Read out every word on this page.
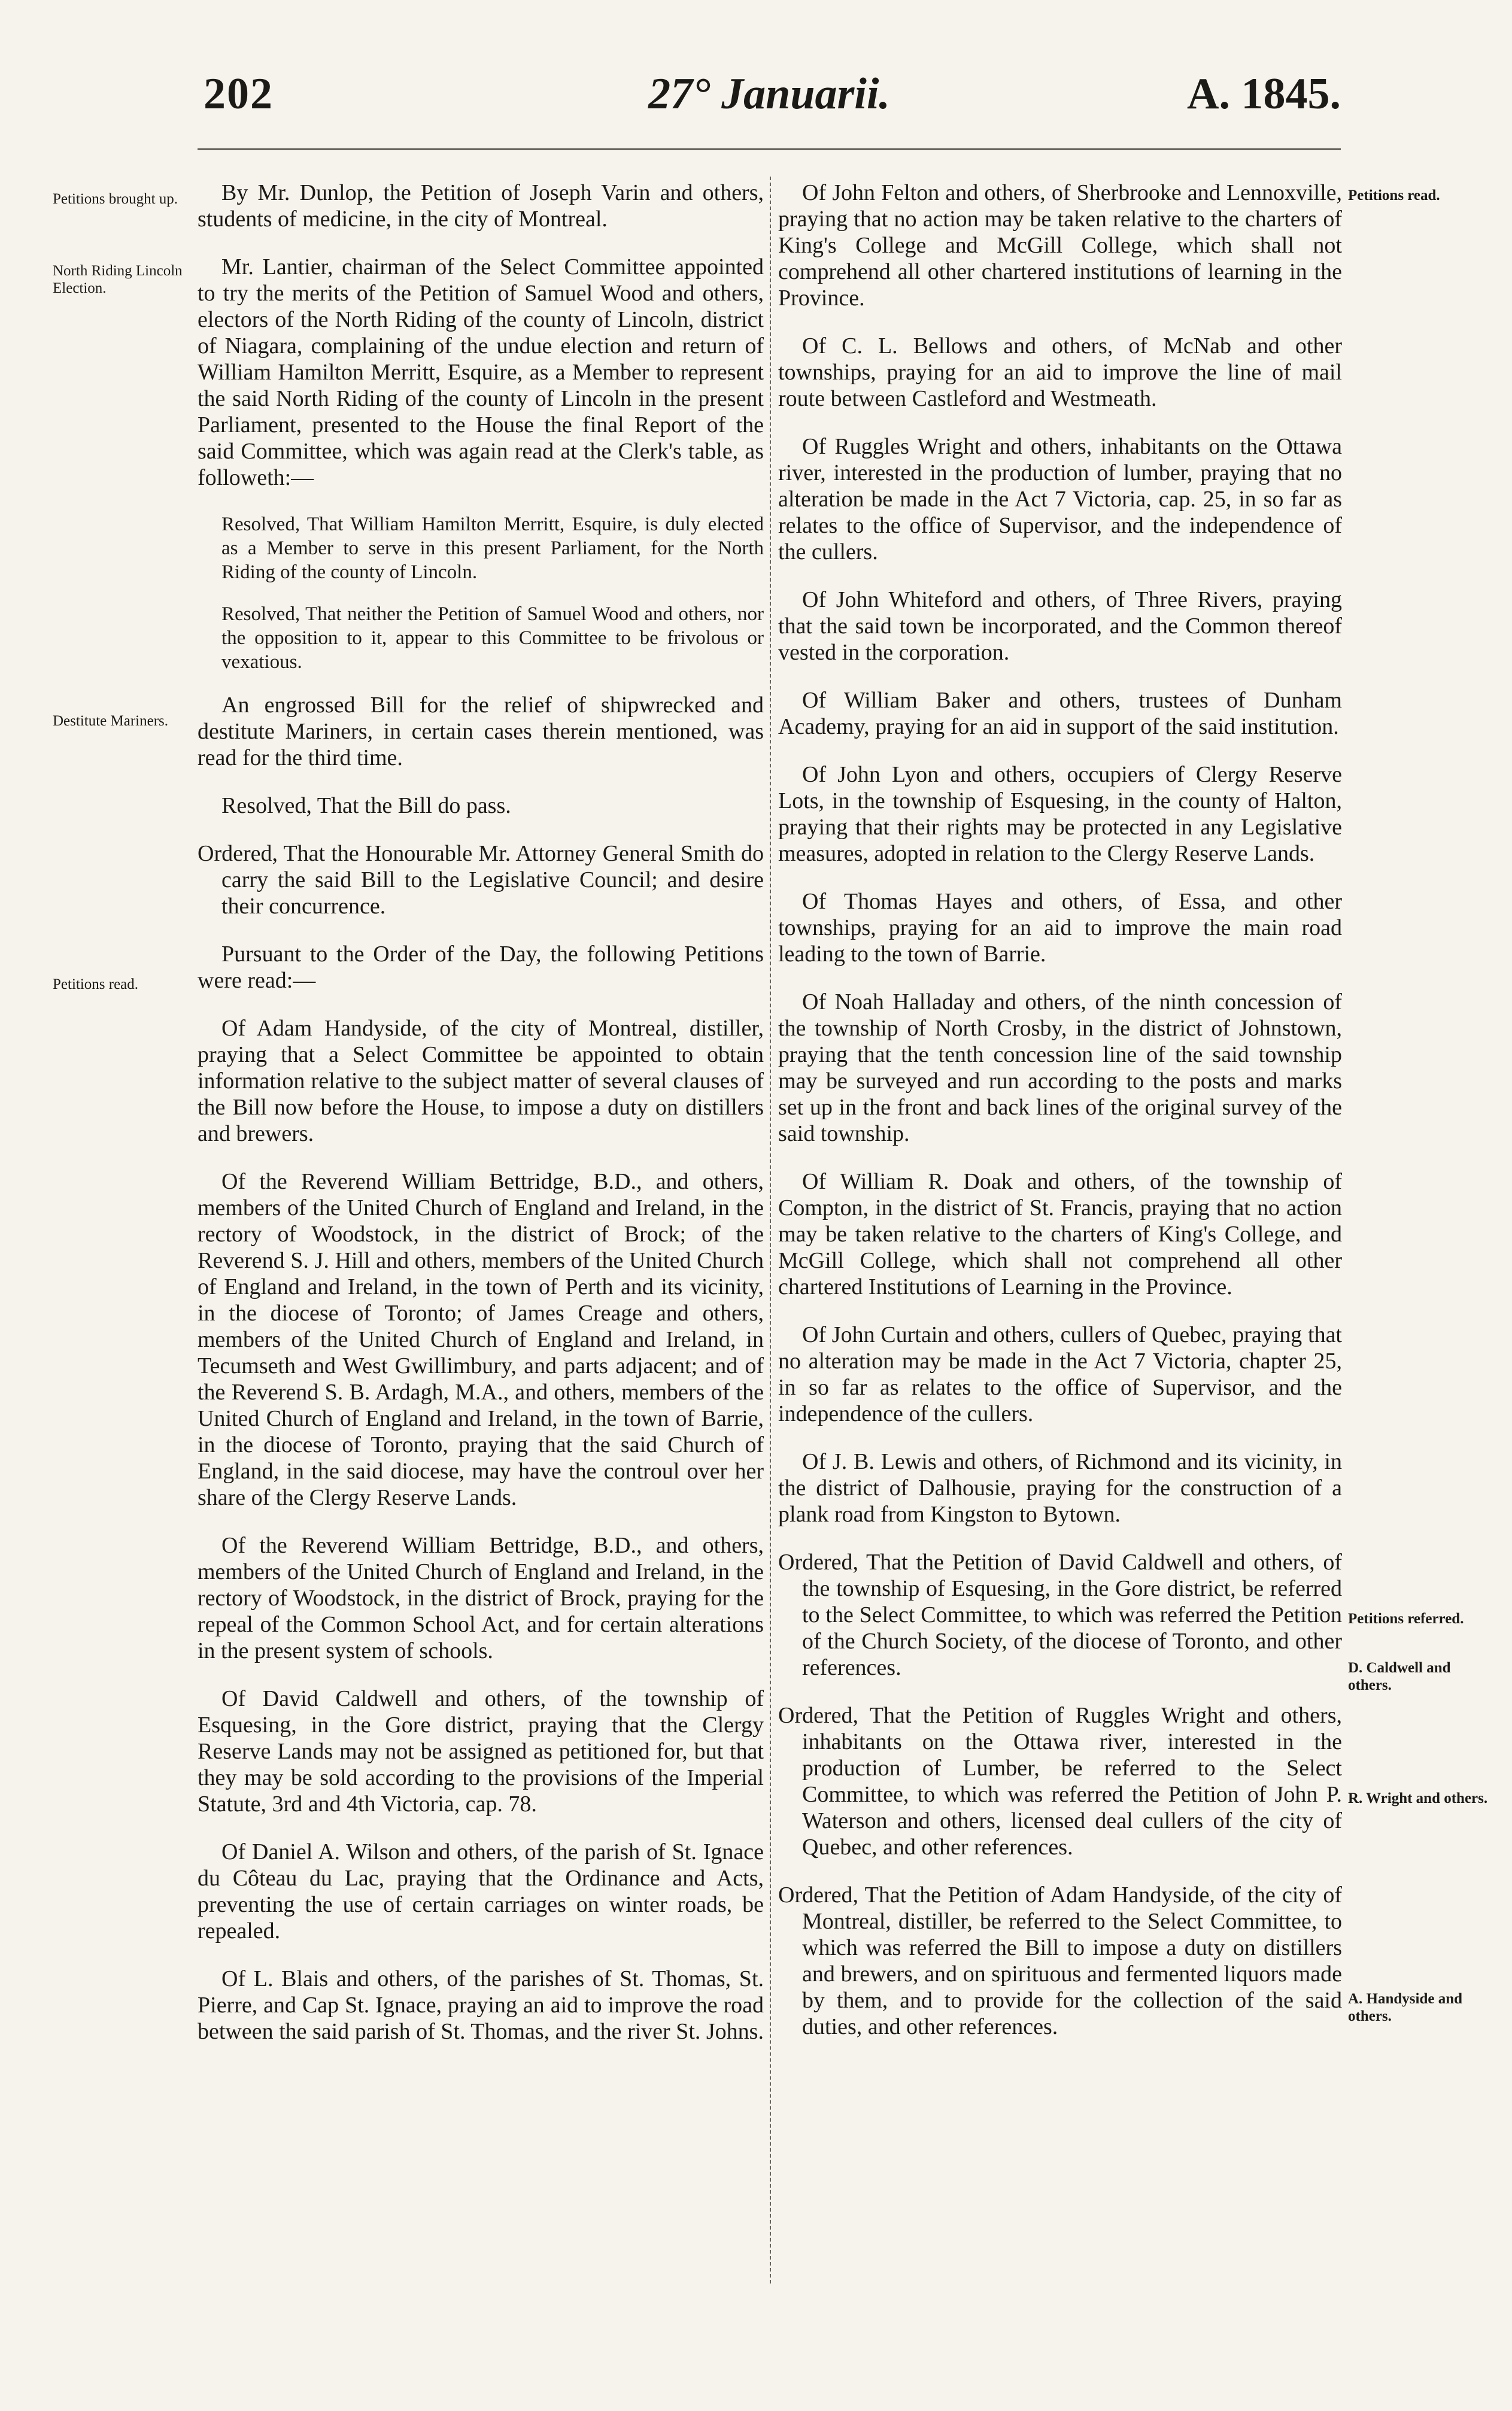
202	27° Januarii.	A. 1845.
Petitions brought up.
North Riding Lincoln Election.
Destitute Mariners.
Petitions read.
Petitions read.
Petitions referred.
D. Caldwell and others.
R. Wright and others.
A. Handyside and others.

By Mr. Dunlop, the Petition of Joseph Varin and others, students of medicine, in the city of Montreal.

Mr. Lantier, chairman of the Select Committee appointed to try the merits of the Petition of Samuel Wood and others, electors of the North Riding of the county of Lincoln, district of Niagara, complaining of the undue election and return of William Hamilton Merritt, Esquire, as a Member to represent the said North Riding of the county of Lincoln in the present Parliament, presented to the House the final Report of the said Committee, which was again read at the Clerk's table, as followeth:—

Resolved, That William Hamilton Merritt, Esquire, is duly elected as a Member to serve in this present Parliament, for the North Riding of the county of Lincoln.

Resolved, That neither the Petition of Samuel Wood and others, nor the opposition to it, appear to this Committee to be frivolous or vexatious.

An engrossed Bill for the relief of shipwrecked and destitute Mariners, in certain cases therein mentioned, was read for the third time.

Resolved, That the Bill do pass.

Ordered, That the Honourable Mr. Attorney General Smith do carry the said Bill to the Legislative Council; and desire their concurrence.

Pursuant to the Order of the Day, the following Petitions were read:—

Of Adam Handyside, of the city of Montreal, distiller, praying that a Select Committee be appointed to obtain information relative to the subject matter of several clauses of the Bill now before the House, to impose a duty on distillers and brewers.

Of the Reverend William Bettridge, B.D., and others, members of the United Church of England and Ireland, in the rectory of Woodstock, in the district of Brock; of the Reverend S. J. Hill and others, members of the United Church of England and Ireland, in the town of Perth and its vicinity, in the diocese of Toronto; of James Creage and others, members of the United Church of England and Ireland, in Tecumseth and West Gwillimbury, and parts adjacent; and of the Reverend S. B. Ardagh, M.A., and others, members of the United Church of England and Ireland, in the town of Barrie, in the diocese of Toronto, praying that the said Church of England, in the said diocese, may have the controul over her share of the Clergy Reserve Lands.

Of the Reverend William Bettridge, B.D., and others, members of the United Church of England and Ireland, in the rectory of Woodstock, in the district of Brock, praying for the repeal of the Common School Act, and for certain alterations in the present system of schools.

Of David Caldwell and others, of the township of Esquesing, in the Gore district, praying that the Clergy Reserve Lands may not be assigned as petitioned for, but that they may be sold according to the provisions of the Imperial Statute, 3rd and 4th Victoria, cap. 78.

Of Daniel A. Wilson and others, of the parish of St. Ignace du Côteau du Lac, praying that the Ordinance and Acts, preventing the use of certain carriages on winter roads, be repealed.

Of L. Blais and others, of the parishes of St. Thomas, St. Pierre, and Cap St. Ignace, praying an aid to improve the road between the said parish of St. Thomas, and the river St. Johns.

Of John Felton and others, of Sherbrooke and Lennoxville, praying that no action may be taken relative to the charters of King's College and McGill College, which shall not comprehend all other chartered institutions of learning in the Province.

Of C. L. Bellows and others, of McNab and other townships, praying for an aid to improve the line of mail route between Castleford and Westmeath.

Of Ruggles Wright and others, inhabitants on the Ottawa river, interested in the production of lumber, praying that no alteration be made in the Act 7 Victoria, cap. 25, in so far as relates to the office of Supervisor, and the independence of the cullers.

Of John Whiteford and others, of Three Rivers, praying that the said town be incorporated, and the Common thereof vested in the corporation.

Of William Baker and others, trustees of Dunham Academy, praying for an aid in support of the said institution.

Of John Lyon and others, occupiers of Clergy Reserve Lots, in the township of Esquesing, in the county of Halton, praying that their rights may be protected in any Legislative measures, adopted in relation to the Clergy Reserve Lands.

Of Thomas Hayes and others, of Essa, and other townships, praying for an aid to improve the main road leading to the town of Barrie.

Of Noah Halladay and others, of the ninth concession of the township of North Crosby, in the district of Johnstown, praying that the tenth concession line of the said township may be surveyed and run according to the posts and marks set up in the front and back lines of the original survey of the said township.

Of William R. Doak and others, of the township of Compton, in the district of St. Francis, praying that no action may be taken relative to the charters of King's College, and McGill College, which shall not comprehend all other chartered Institutions of Learning in the Province.

Of John Curtain and others, cullers of Quebec, praying that no alteration may be made in the Act 7 Victoria, chapter 25, in so far as relates to the office of Supervisor, and the independence of the cullers.

Of J. B. Lewis and others, of Richmond and its vicinity, in the district of Dalhousie, praying for the construction of a plank road from Kingston to Bytown.

Ordered, That the Petition of David Caldwell and others, of the township of Esquesing, in the Gore district, be referred to the Select Committee, to which was referred the Petition of the Church Society, of the diocese of Toronto, and other references.

Ordered, That the Petition of Ruggles Wright and others, inhabitants on the Ottawa river, interested in the production of Lumber, be referred to the Select Committee, to which was referred the Petition of John P. Waterson and others, licensed deal cullers of the city of Quebec, and other references.

Ordered, That the Petition of Adam Handyside, of the city of Montreal, distiller, be referred to the Select Committee, to which was referred the Bill to impose a duty on distillers and brewers, and on spirituous and fermented liquors made by them, and to provide for the collection of the said duties, and other references.
